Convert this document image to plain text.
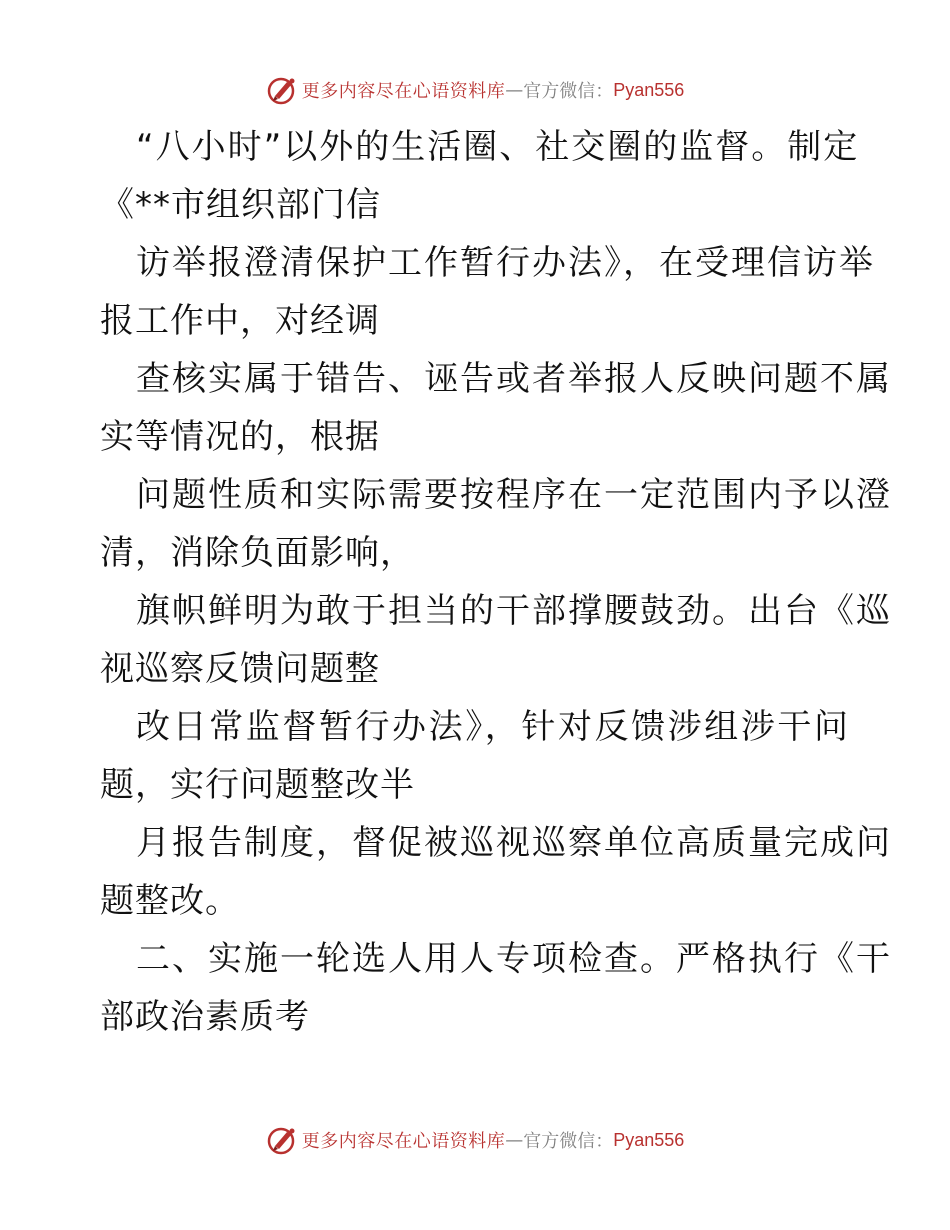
更多内容尽在心语资料库 — 官方微信： Pyan556
“八小时”以外的生活圈、社交圈的监督。制定
《**市组织部门信
访举报澄清保护工作暂行办法》，在受理信访举
报工作中，对经调
查核实属于错告、诬告或者举报人反映问题不属
实等情况的，根据
问题性质和实际需要按程序在一定范围内予以澄
清，消除负面影响，
旗帜鲜明为敢于担当的干部撑腰鼓劲。出台《巡
视巡察反馈问题整
改日常监督暂行办法》，针对反馈涉组涉干问
题，实行问题整改半
月报告制度，督促被巡视巡察单位高质量完成问
题整改。
二、实施一轮选人用人专项检查。严格执行《干
部政治素质考
更多内容尽在心语资料库 — 官方微信： Pyan556
